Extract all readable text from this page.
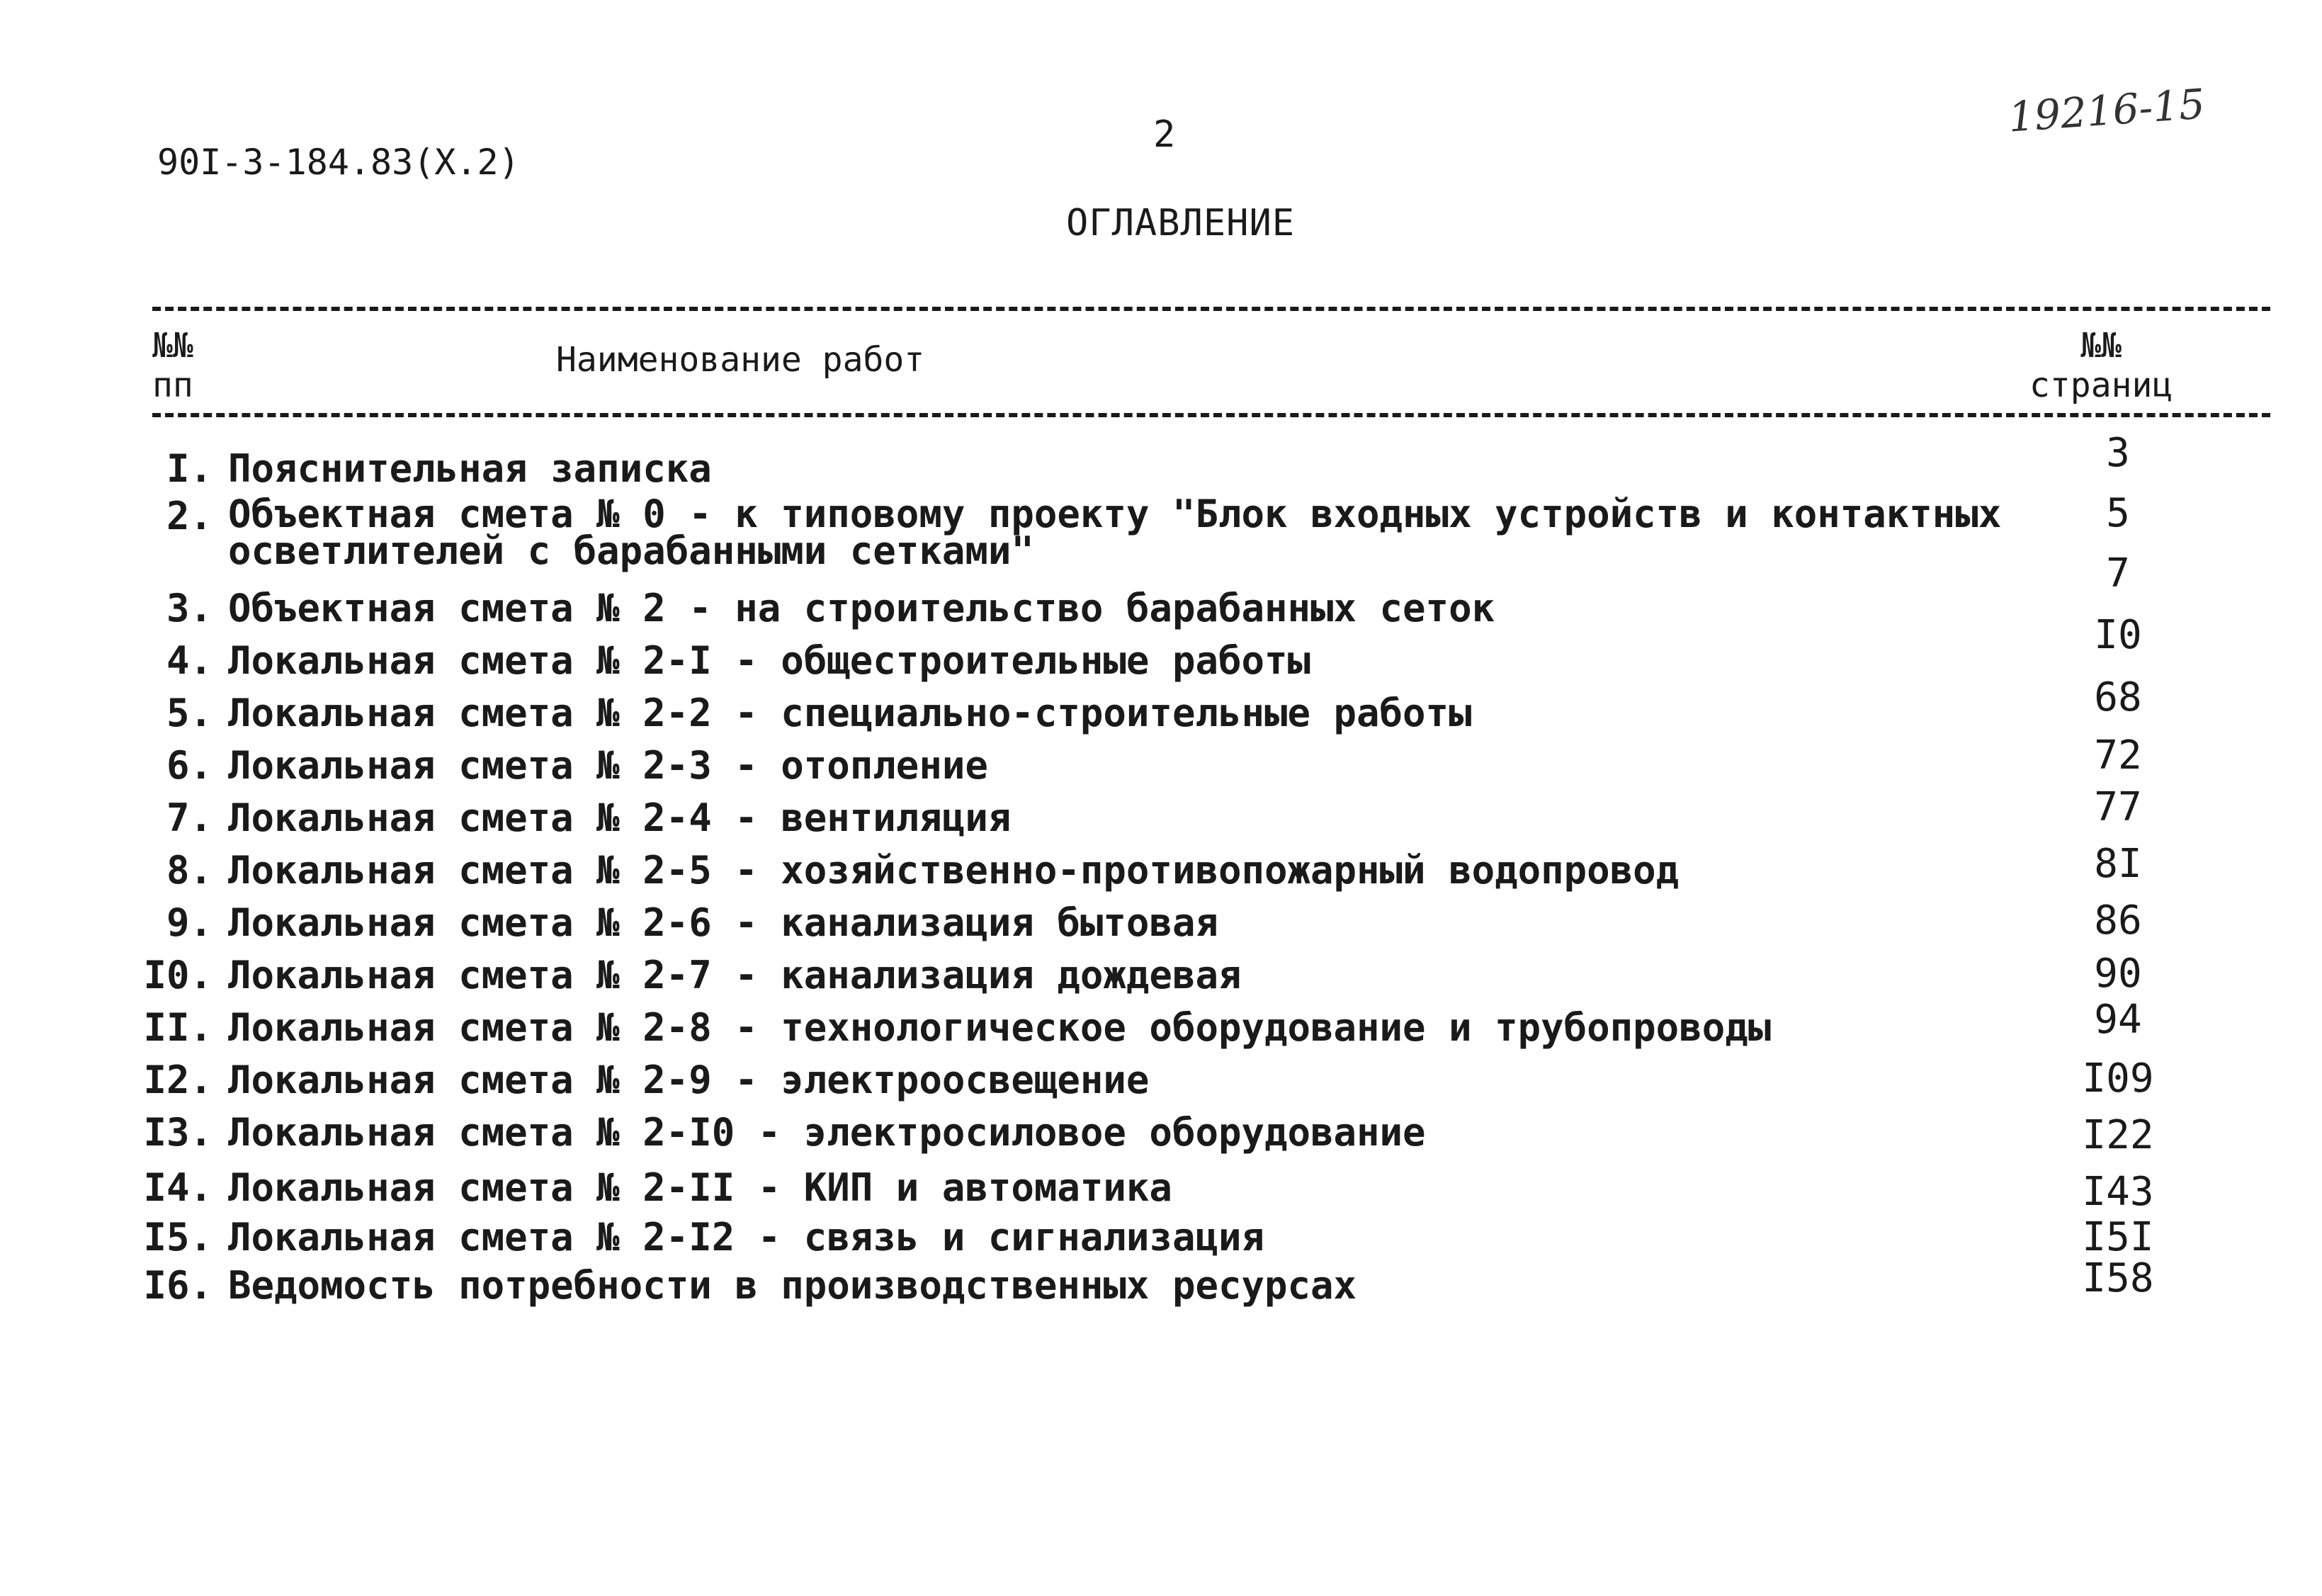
90I-3-184.83(X.2)
2	19216-15
ОГЛАВЛЕНИЕ
№№
пп
Наименование работ	№№
страниц
I. Пояснительная записка
2. Объектная смета № 0 - к типовому проекту "Блок входных устройств и контактных осветлителей с барабанными сетками"
3. Объектная смета № 2 - на строительство барабанных сеток
4. Локальная смета № 2-I - общестроительные работы
5. Локальная смета № 2-2 - специально-строительные работы
6. Локальная смета № 2-3 - отопление
7. Локальная смета № 2-4 - вентиляция
8. Локальная смета № 2-5 - хозяйственно-противопожарный водопровод
9. Локальная смета № 2-6 - канализация бытовая
I0. Локальная смета № 2-7 - канализация дождевая
II. Локальная смета № 2-8 - технологическое оборудование и трубопроводы
I2. Локальная смета № 2-9 - электроосвещение
I3. Локальная смета № 2-I0 - электросиловое оборудование
I4. Локальная смета № 2-II - КИП и автоматика
I5. Локальная смета № 2-I2 - связь и сигнализация
I6. Ведомость потребности в производственных ресурсах
3
5
7
I0
68
72
77
8I
86
90
94
I09
I22
I43
I5I
I58
